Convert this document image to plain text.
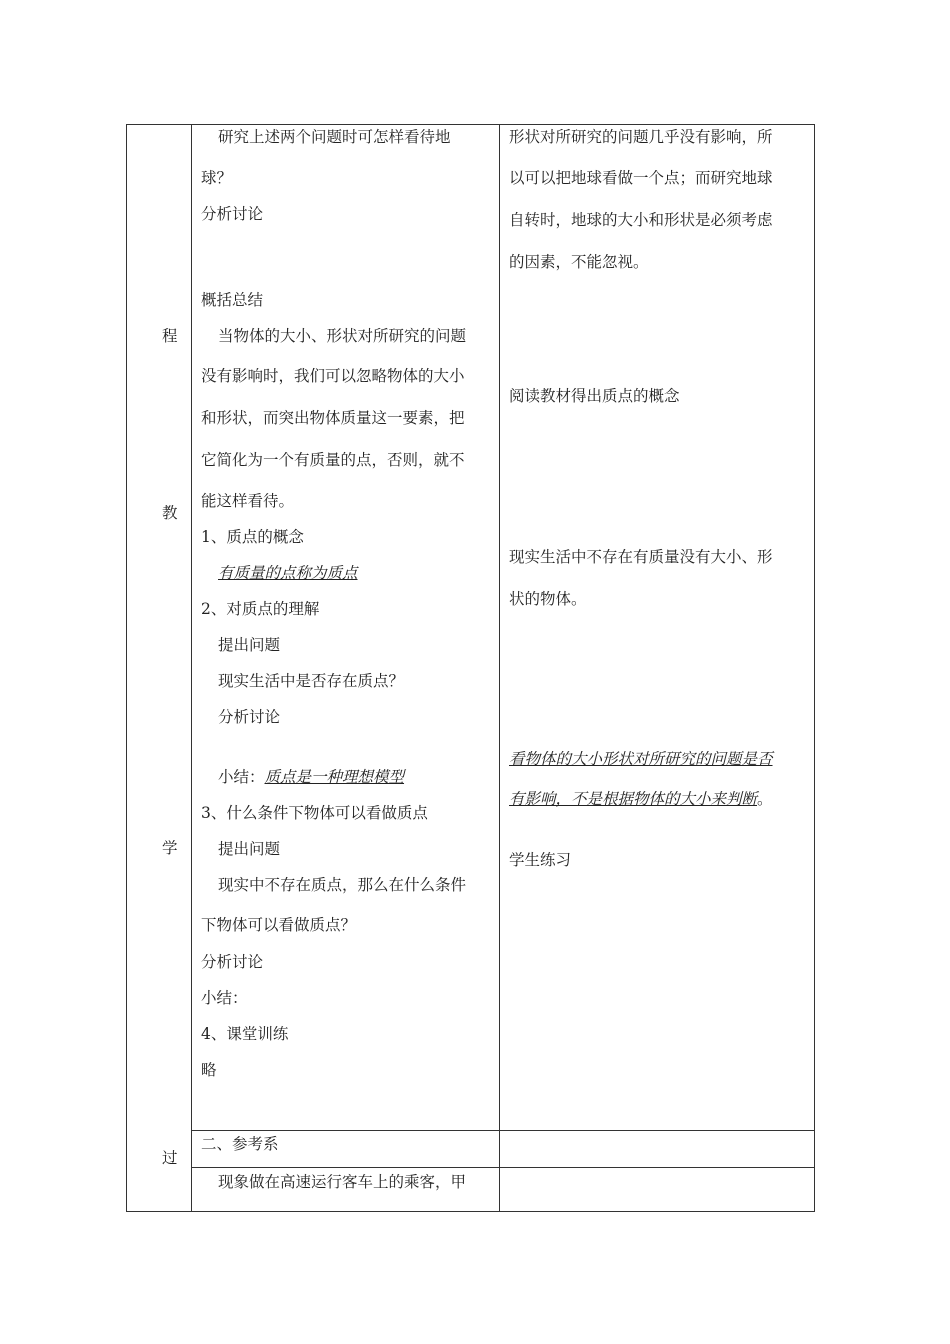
程
教
学
过
研究上述两个问题时可怎样看待地
球？
分析讨论
概括总结
当物体的大小、形状对所研究的问题
没有影响时，我们可以忽略物体的大小
和形状，而突出物体质量这一要素，把
它简化为一个有质量的点，否则，就不
能这样看待。
1、质点的概念
有质量的点称为质点
2、对质点的理解
提出问题
现实生活中是否存在质点？
分析讨论
小结：质点是一种理想模型
3、什么条件下物体可以看做质点
提出问题
现实中不存在质点，那么在什么条件
下物体可以看做质点？
分析讨论
小结：
4、课堂训练
略
二、参考系
现象做在高速运行客车上的乘客，甲
形状对所研究的问题几乎没有影响，所
以可以把地球看做一个点；而研究地球
自转时，地球的大小和形状是必须考虑
的因素，不能忽视。
阅读教材得出质点的概念
现实生活中不存在有质量没有大小、形
状的物体。
看物体的大小形状对所研究的问题是否
有影响，不是根据物体的大小来判断。
学生练习
